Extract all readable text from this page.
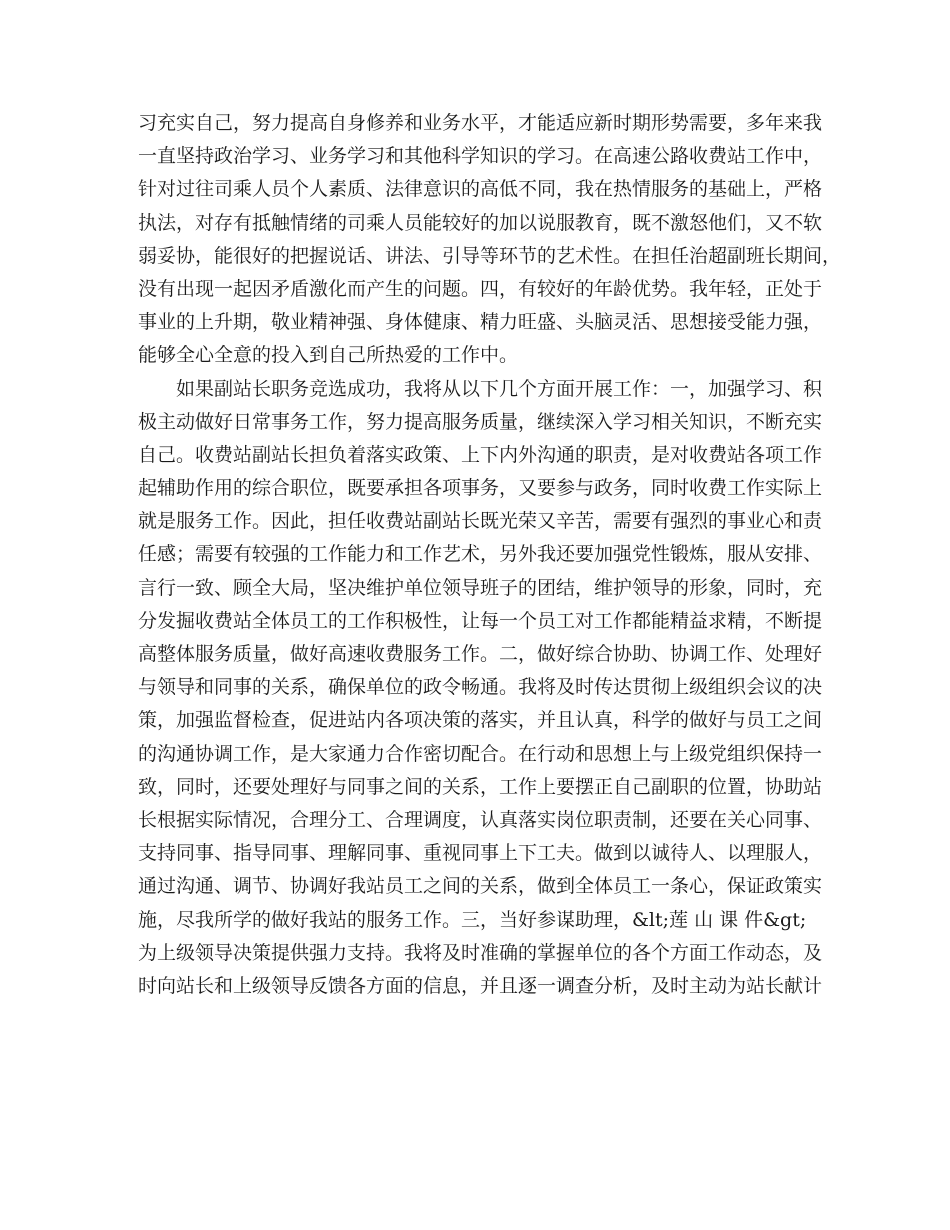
习充实自己，努力提高自身修养和业务水平，才能适应新时期形势需要，多年来我
一直坚持政治学习、业务学习和其他科学知识的学习。在高速公路收费站工作中，
针对过往司乘人员个人素质、法律意识的高低不同，我在热情服务的基础上，严格
执法，对存有抵触情绪的司乘人员能较好的加以说服教育，既不激怒他们，又不软
弱妥协，能很好的把握说话、讲法、引导等环节的艺术性。在担任治超副班长期间，
没有出现一起因矛盾激化而产生的问题。四，有较好的年龄优势。我年轻，正处于
事业的上升期，敬业精神强、身体健康、精力旺盛、头脑灵活、思想接受能力强，
能够全心全意的投入到自己所热爱的工作中。
　　如果副站长职务竞选成功，我将从以下几个方面开展工作：一，加强学习、积
极主动做好日常事务工作，努力提高服务质量，继续深入学习相关知识，不断充实
自己。收费站副站长担负着落实政策、上下内外沟通的职责，是对收费站各项工作
起辅助作用的综合职位，既要承担各项事务，又要参与政务，同时收费工作实际上
就是服务工作。因此，担任收费站副站长既光荣又辛苦，需要有强烈的事业心和责
任感；需要有较强的工作能力和工作艺术，另外我还要加强党性锻炼，服从安排、
言行一致、顾全大局，坚决维护单位领导班子的团结，维护领导的形象，同时，充
分发掘收费站全体员工的工作积极性，让每一个员工对工作都能精益求精，不断提
高整体服务质量，做好高速收费服务工作。二，做好综合协助、协调工作、处理好
与领导和同事的关系，确保单位的政令畅通。我将及时传达贯彻上级组织会议的决
策，加强监督检查，促进站内各项决策的落实，并且认真，科学的做好与员工之间
的沟通协调工作，是大家通力合作密切配合。在行动和思想上与上级党组织保持一
致，同时，还要处理好与同事之间的关系，工作上要摆正自己副职的位置，协助站
长根据实际情况，合理分工、合理调度，认真落实岗位职责制，还要在关心同事、
支持同事、指导同事、理解同事、重视同事上下工夫。做到以诚待人、以理服人，
通过沟通、调节、协调好我站员工之间的关系，做到全体员工一条心，保证政策实
施，尽我所学的做好我站的服务工作。三，当好参谋助理，&lt;莲 山 课 件&gt;
为上级领导决策提供强力支持。我将及时准确的掌握单位的各个方面工作动态，及
时向站长和上级领导反馈各方面的信息，并且逐一调查分析，及时主动为站长献计
